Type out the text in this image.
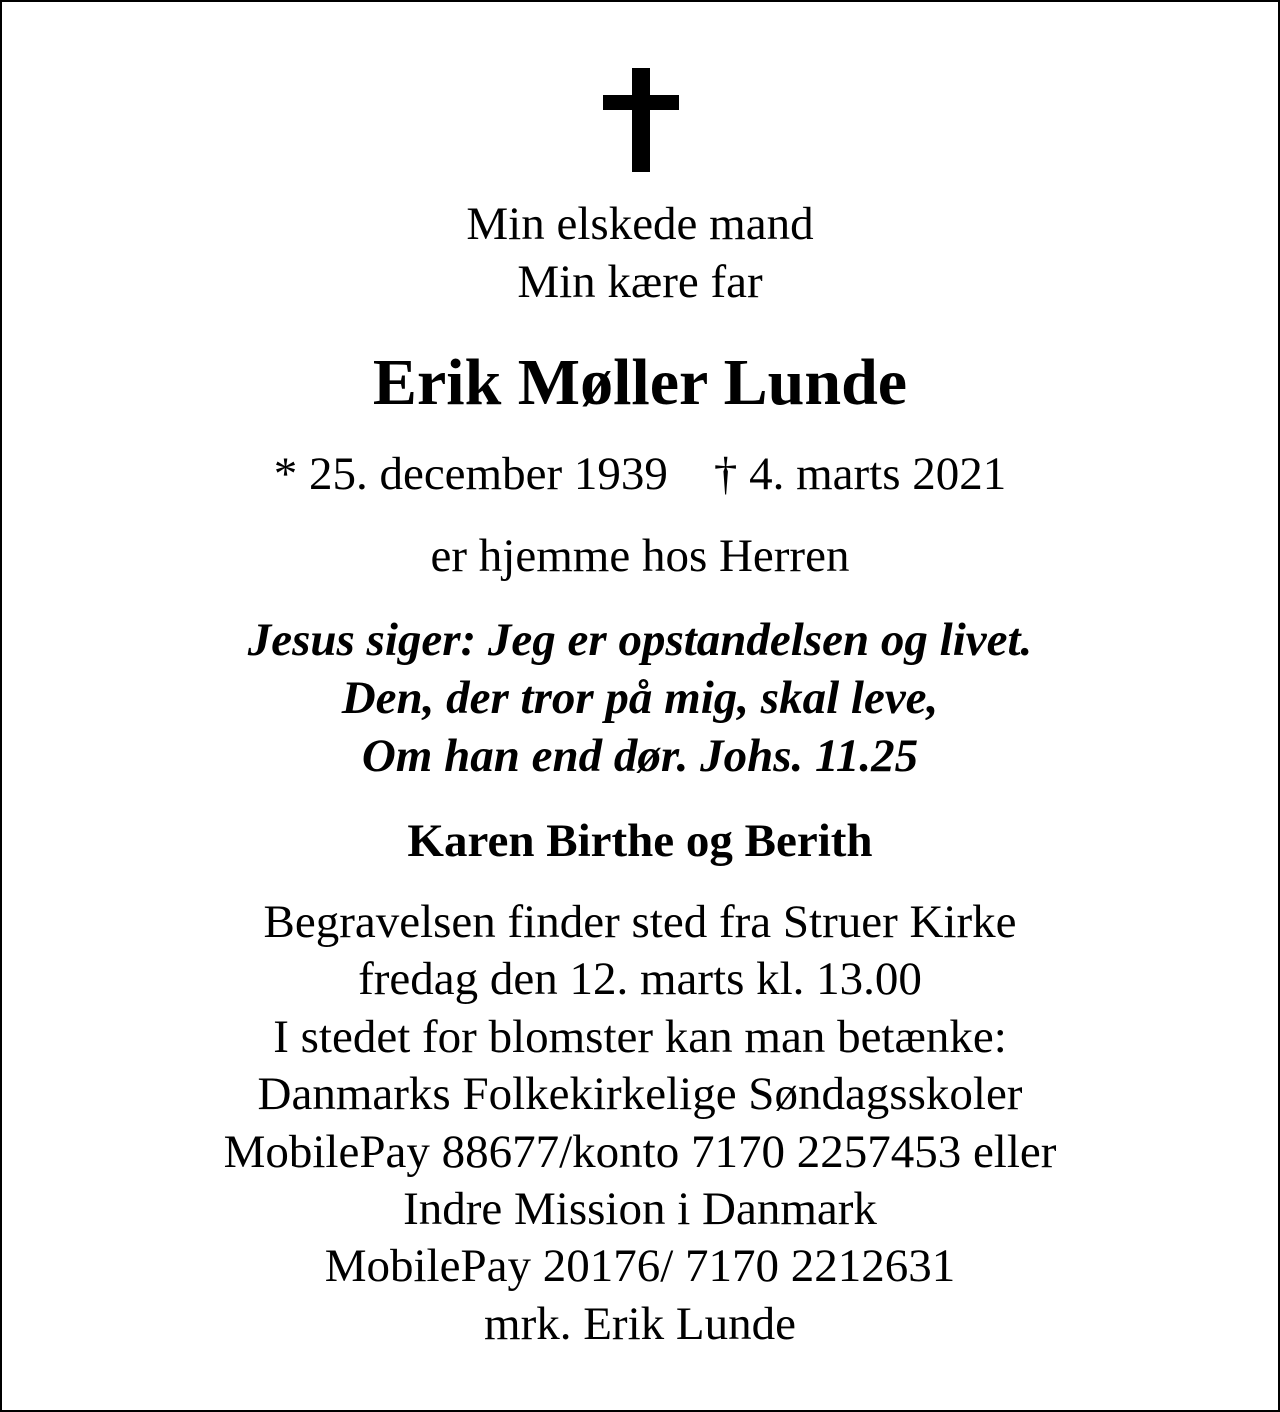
Min elskede mand
Min kære far
Erik Møller Lunde
* 25. december 1939 † 4. marts 2021
er hjemme hos Herren
Jesus siger: Jeg er opstandelsen og livet.
Den, der tror på mig, skal leve,
Om han end dør. Johs. 11.25
Karen Birthe og Berith
Begravelsen finder sted fra Struer Kirke
fredag den 12. marts kl. 13.00
I stedet for blomster kan man betænke:
Danmarks Folkekirkelige Søndagsskoler
MobilePay 88677/konto 7170 2257453 eller
Indre Mission i Danmark
MobilePay 20176/ 7170 2212631
mrk. Erik Lunde
